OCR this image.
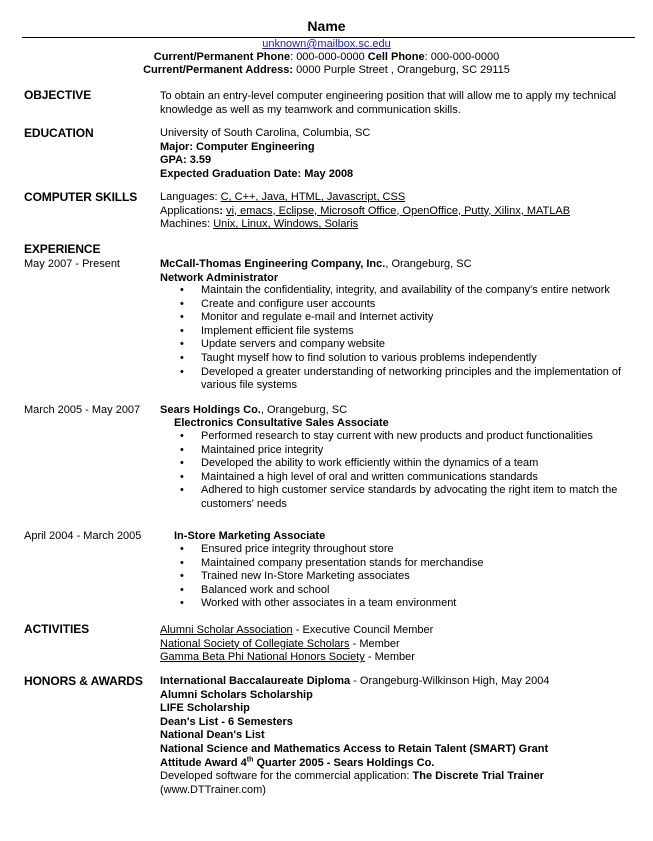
Name
unknown@mailbox.sc.edu
Current/Permanent Phone: 000-000-0000 Cell Phone: 000-000-0000
Current/Permanent Address: 0000 Purple Street , Orangeburg, SC 29115
OBJECTIVE	To obtain an entry-level computer engineering position that will allow me to apply my technical
knowledge as well as my teamwork and communication skills.
EDUCATION	University of South Carolina, Columbia, SC
Major: Computer Engineering
GPA: 3.59
Expected Graduation Date: May 2008
COMPUTER SKILLS Languages: C, C++, Java, HTML, Javascript, CSS
Applications: vi, emacs, Eclipse, Microsoft Office, OpenOffice, Putty, Xilinx, MATLAB
Machines: Unix, Linux, Windows, Solaris
EXPERIENCE
May 2007 - Present	McCall-Thomas Engineering Company, Inc., Orangeburg, SC
Network Administrator
• Maintain the confidentiality, integrity, and availability of the company's entire network
• Create and configure user accounts
• Monitor and regulate e-mail and Internet activity
• Implement efficient file systems
• Update servers and company website
• Taught myself how to find solution to various problems independently
• Developed a greater understanding of networking principles and the implementation of various file systems
March 2005 - May 2007 Sears Holdings Co., Orangeburg, SC
Electronics Consultative Sales Associate
• Performed research to stay current with new products and product functionalities
• Maintained price integrity
• Developed the ability to work efficiently within the dynamics of a team
• Maintained a high level of oral and written communications standards
• Adhered to high customer service standards by advocating the right item to match the customers' needs
April 2004 - March 2005	In-Store Marketing Associate
• Ensured price integrity throughout store
• Maintained company presentation stands for merchandise
• Trained new In-Store Marketing associates
• Balanced work and school
• Worked with other associates in a team environment
ACTIVITIES	Alumni Scholar Association - Executive Council Member
National Society of Collegiate Scholars - Member
Gamma Beta Phi National Honors Society - Member
HONORS & AWARDS International Baccalaureate Diploma - Orangeburg-Wilkinson High, May 2004
Alumni Scholars Scholarship
LIFE Scholarship
Dean's List - 6 Semesters
National Dean's List
National Science and Mathematics Access to Retain Talent (SMART) Grant
Attitude Award 4th Quarter 2005 - Sears Holdings Co.
Developed software for the commercial application: The Discrete Trial Trainer
(www.DTTrainer.com)
